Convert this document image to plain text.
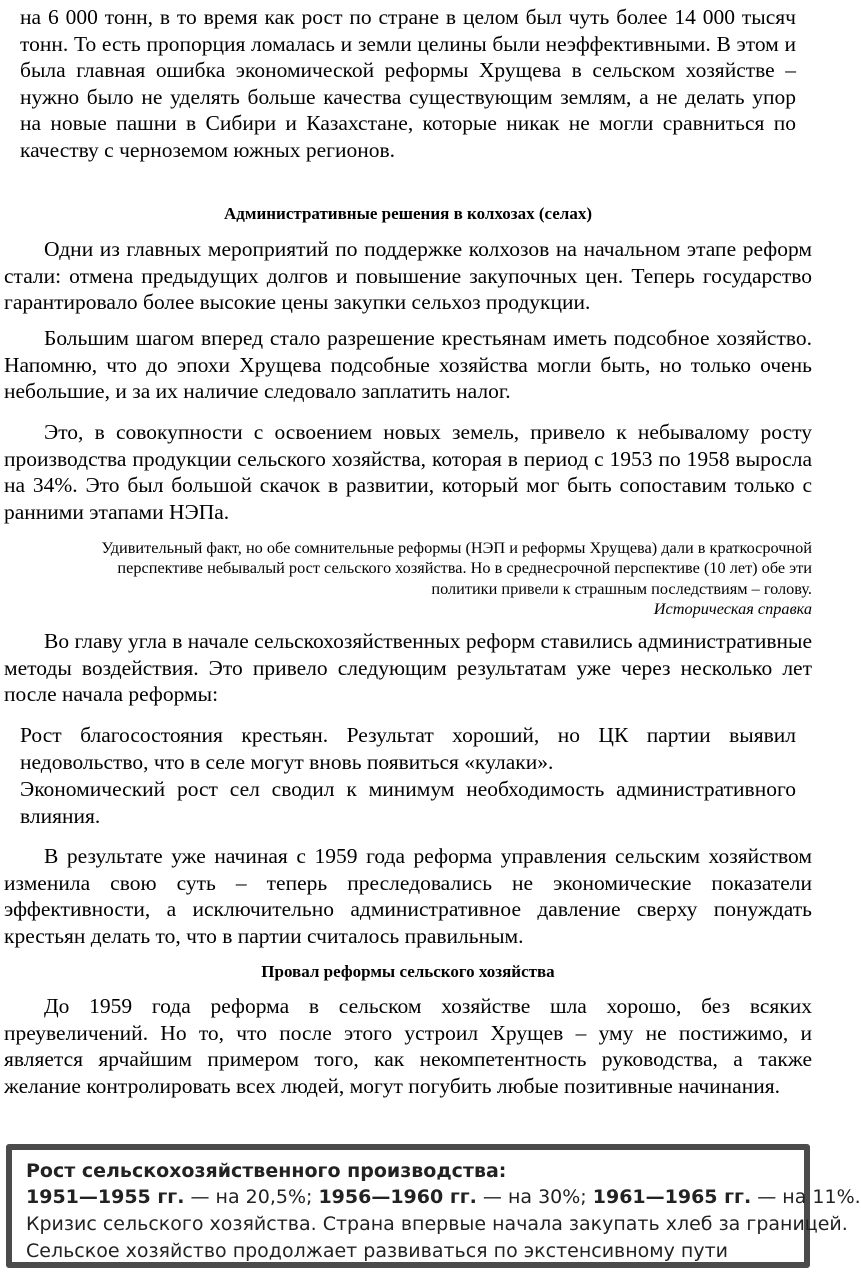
на 6 000 тонн, в то время как рост по стране в целом был чуть более 14 000 тысяч тонн. То есть пропорция ломалась и земли целины были неэффективными. В этом и была главная ошибка экономической реформы Хрущева в сельском хозяйстве – нужно было не уделять больше качества существующим землям, а не делать упор на новые пашни в Сибири и Казахстане, которые никак не могли сравниться по качеству с черноземом южных регионов.

Административные решения в колхозах (селах)

Одни из главных мероприятий по поддержке колхозов на начальном этапе реформ стали: отмена предыдущих долгов и повышение закупочных цен. Теперь государство гарантировало более высокие цены закупки сельхоз продукции.

Большим шагом вперед стало разрешение крестьянам иметь подсобное хозяйство. Напомню, что до эпохи Хрущева подсобные хозяйства могли быть, но только очень небольшие, и за их наличие следовало заплатить налог.

Это, в совокупности с освоением новых земель, привело к небывалому росту производства продукции сельского хозяйства, которая в период с 1953 по 1958 выросла на 34%. Это был большой скачок в развитии, который мог быть сопоставим только с ранними этапами НЭПа.

Удивительный факт, но обе сомнительные реформы (НЭП и реформы Хрущева) дали в краткосрочной

перспективе небывалый рост сельского хозяйства. Но в среднесрочной перспективе (10 лет) обе эти

политики привели к страшным последствиям – голову.

Историческая справка

Во главу угла в начале сельскохозяйственных реформ ставились административные методы воздействия. Это привело следующим результатам уже через несколько лет после начала реформы:

Рост благосостояния крестьян. Результат хороший, но ЦК партии выявил недовольство, что в селе могут вновь появиться «кулаки».

Экономический рост сел сводил к минимум необходимость административного влияния.

В результате уже начиная с 1959 года реформа управления сельским хозяйством изменила свою суть – теперь преследовались не экономические показатели эффективности, а исключительно административное давление сверху понуждать крестьян делать то, что в партии считалось правильным.

Провал реформы сельского хозяйства

До 1959 года реформа в сельском хозяйстве шла хорошо, без всяких преувеличений. Но то, что после этого устроил Хрущев – уму не постижимо, и является ярчайшим примером того, как некомпетентность руководства, а также желание контролировать всех людей, могут погубить любые позитивные начинания.

Рост сельскохозяйственного производства:

1951—1955 гг. — на 20,5%; 1956—1960 гг. — на 30%; 1961—1965 гг. — на 11%.

Кризис сельского хозяйства. Страна впервые начала закупать хлеб за границей.

Сельское хозяйство продолжает развиваться по экстенсивному пути
